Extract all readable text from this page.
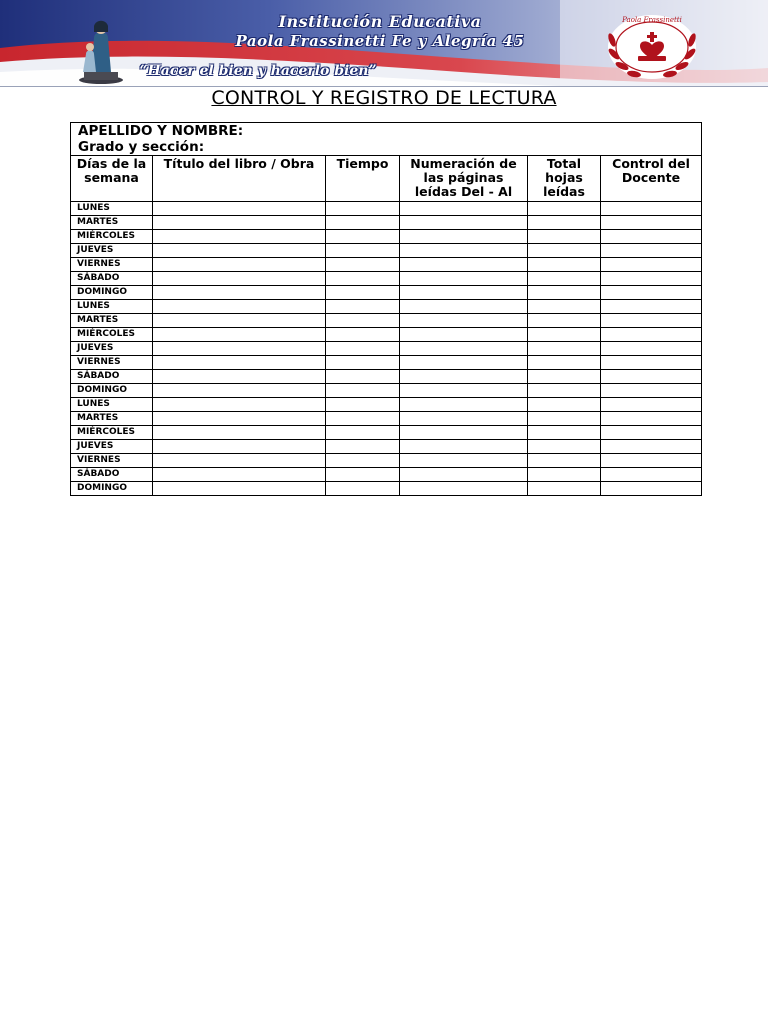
Institución Educativa
Paola Frassinetti Fe y Alegría 45
“Hacer el bien y hacerlo bien”
Paola Frassinetti
CONTROL Y REGISTRO DE LECTURA
APELLIDO Y NOMBRE:
Grado y sección:					

Días de la semana	Título del libro / Obra	Tiempo	Numeración de las páginas leídas Del - Al	Total hojas leídas	Control del Docente
LUNES					
MARTES					
MIÉRCOLES					
JUEVES					
VIERNES					
SÁBADO					
DOMINGO					
LUNES					
MARTES					
MIÉRCOLES					
JUEVES					
VIERNES					
SÁBADO					
DOMINGO					
LUNES					
MARTES					
MIÉRCOLES					
JUEVES					
VIERNES					
SÁBADO					
DOMINGO					
